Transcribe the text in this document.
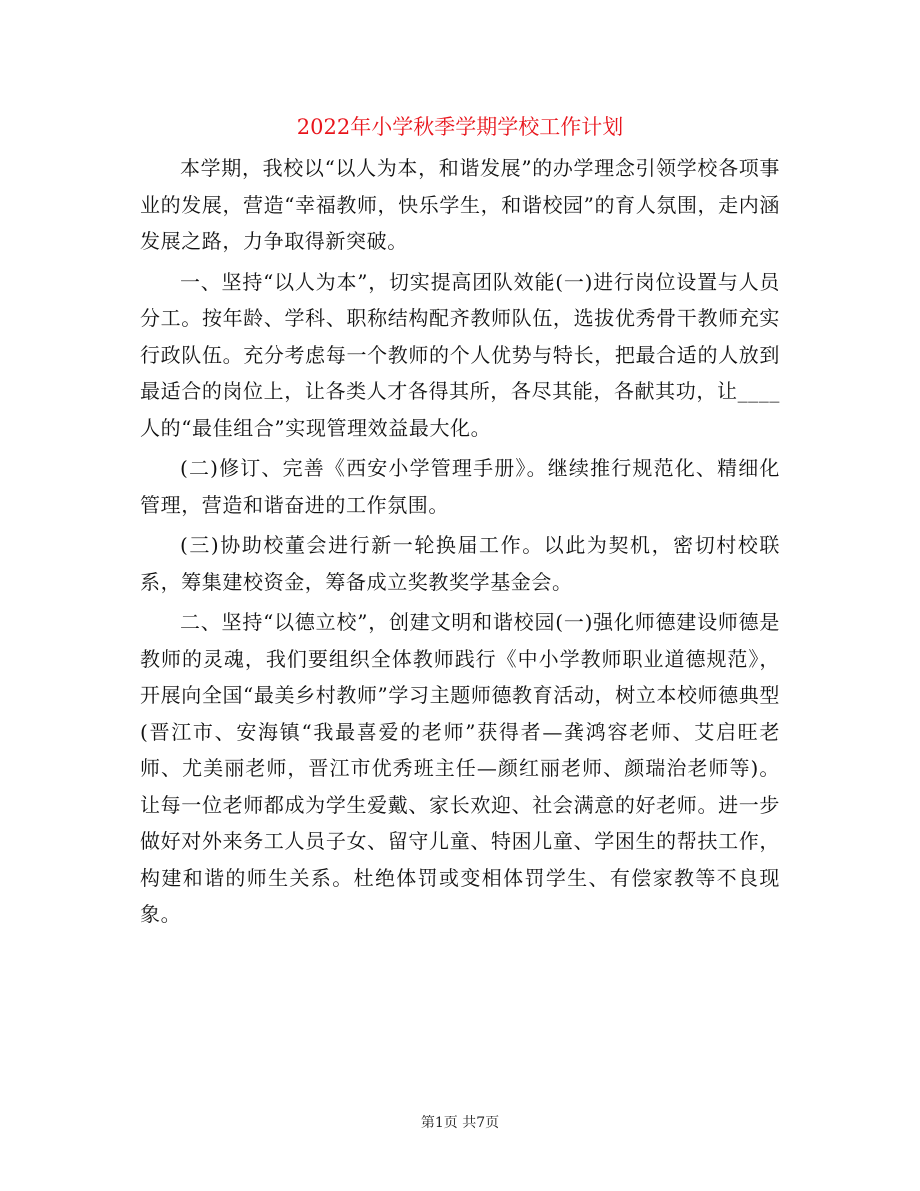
2022年小学秋季学期学校工作计划

本学期，我校以“以人为本，和谐发展”的办学理念引领学校各项事业的发展，营造“幸福教师，快乐学生，和谐校园”的育人氛围，走内涵发展之路，力争取得新突破。

一、坚持“以人为本”，切实提高团队效能(一)进行岗位设置与人员分工。按年龄、学科、职称结构配齐教师队伍，选拔优秀骨干教师充实行政队伍。充分考虑每一个教师的个人优势与特长，把最合适的人放到最适合的岗位上，让各类人才各得其所，各尽其能，各献其功，让____人的“最佳组合”实现管理效益最大化。

(二)修订、完善《西安小学管理手册》。继续推行规范化、精细化管理，营造和谐奋进的工作氛围。

(三)协助校董会进行新一轮换届工作。以此为契机，密切村校联系，筹集建校资金，筹备成立奖教奖学基金会。

二、坚持“以德立校”，创建文明和谐校园(一)强化师德建设师德是教师的灵魂，我们要组织全体教师践行《中小学教师职业道德规范》，开展向全国“最美乡村教师”学习主题师德教育活动，树立本校师德典型(晋江市、安海镇“我最喜爱的老师”获得者—龚鸿容老师、艾启旺老师、尤美丽老师，晋江市优秀班主任—颜红丽老师、颜瑞治老师等)。让每一位老师都成为学生爱戴、家长欢迎、社会满意的好老师。进一步做好对外来务工人员子女、留守儿童、特困儿童、学困生的帮扶工作，构建和谐的师生关系。杜绝体罚或变相体罚学生、有偿家教等不良现象。

第1页 共7页
